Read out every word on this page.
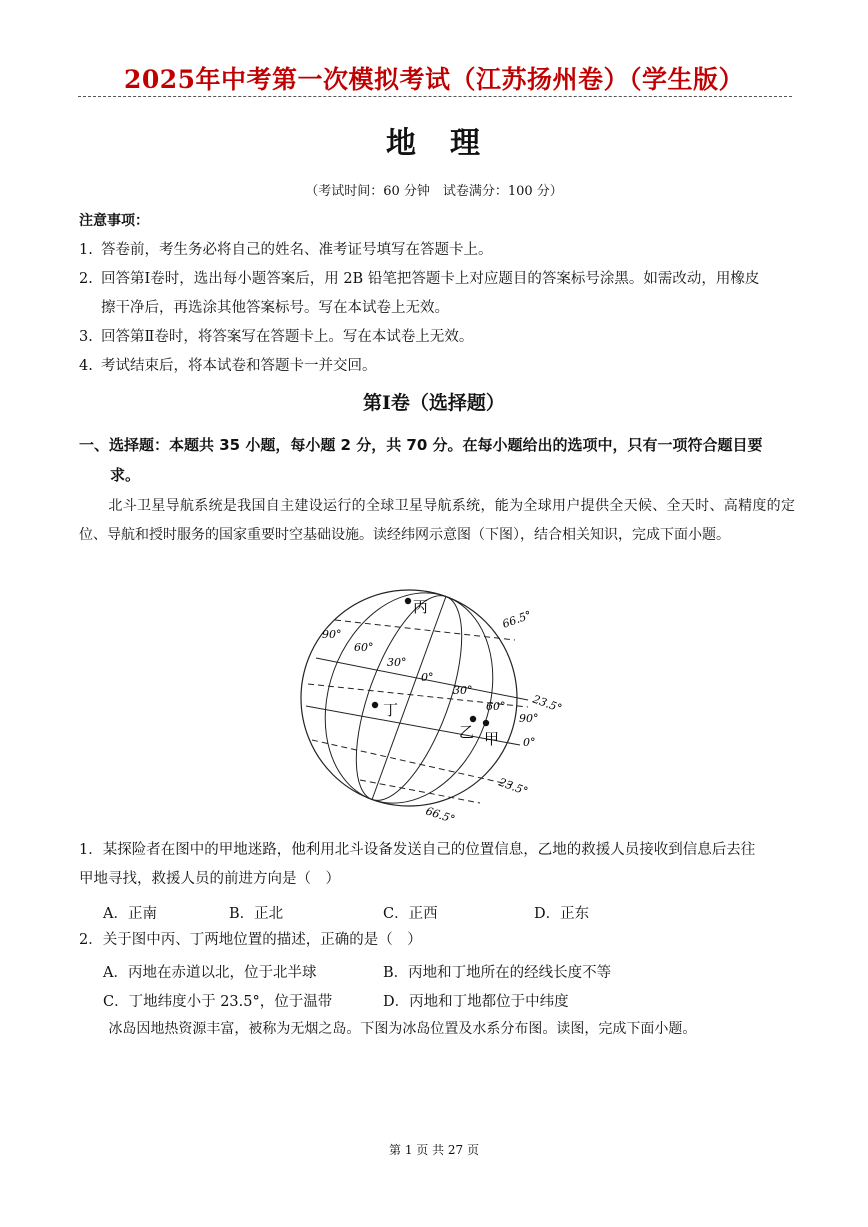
2025年中考第一次模拟考试（江苏扬州卷）（学生版）
地　理
（考试时间：60 分钟　试卷满分：100 分）
注意事项：
1. 答卷前，考生务必将自己的姓名、准考证号填写在答题卡上。
2. 回答第Ⅰ卷时，选出每小题答案后，用 2B 铅笔把答题卡上对应题目的答案标号涂黑。如需改动，用橡皮
擦干净后，再选涂其他答案标号。写在本试卷上无效。
3. 回答第Ⅱ卷时，将答案写在答题卡上。写在本试卷上无效。
4. 考试结束后，将本试卷和答题卡一并交回。
第Ⅰ卷（选择题）
一、选择题：本题共 35 小题，每小题 2 分，共 70 分。在每小题给出的选项中，只有一项符合题目要
求。
北斗卫星导航系统是我国自主建设运行的全球卫星导航系统，能为全球用户提供全天候、全天时、高精度的定位、导航和授时服务的国家重要时空基础设施。读经纬网示意图（下图），结合相关知识，完成下面小题。
丙
丁
乙 甲
90°
60°
30°
0°
30°
60°
90°
66.5°
23.5°
0°
23.5°
66.5°
1．某探险者在图中的甲地迷路，他利用北斗设备发送自己的位置信息，乙地的救援人员接收到信息后去往
甲地寻找，救援人员的前进方向是（　）
A．正南	B．正北	C．正西	D．正东
2．关于图中丙、丁两地位置的描述，正确的是（　）
A．丙地在赤道以北，位于北半球	B．丙地和丁地所在的经线长度不等
C．丁地纬度小于 23.5°，位于温带	D．丙地和丁地都位于中纬度
冰岛因地热资源丰富，被称为无烟之岛。下图为冰岛位置及水系分布图。读图，完成下面小题。
第 1 页 共 27 页
